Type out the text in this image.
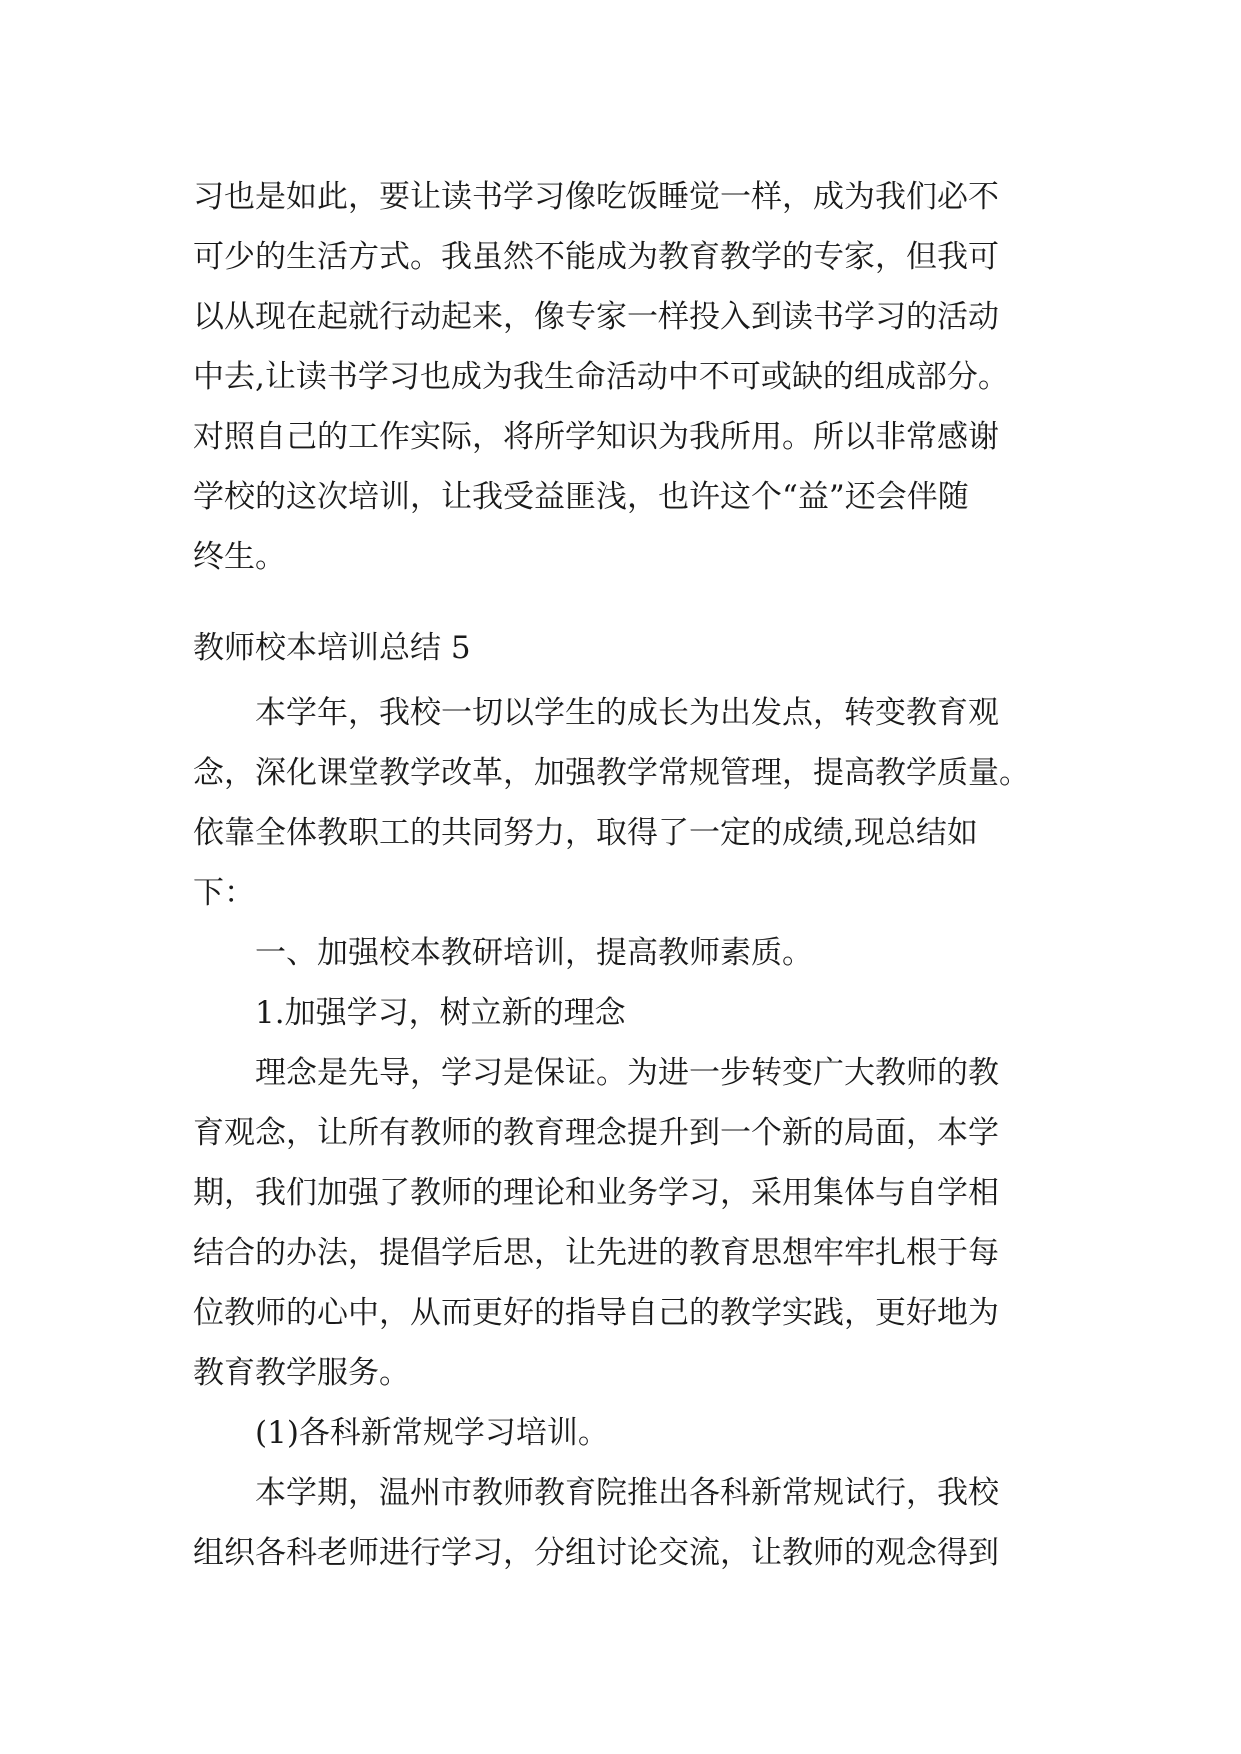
习也是如此，要让读书学习像吃饭睡觉一样，成为我们必不
可少的生活方式。我虽然不能成为教育教学的专家，但我可
以从现在起就行动起来，像专家一样投入到读书学习的活动
中去,让读书学习也成为我生命活动中不可或缺的组成部分。
对照自己的工作实际，将所学知识为我所用。所以非常感谢
学校的这次培训，让我受益匪浅，也许这个“益”还会伴随
终生。
教师校本培训总结 5
本学年，我校一切以学生的成长为出发点，转变教育观
念，深化课堂教学改革，加强教学常规管理，提高教学质量。
依靠全体教职工的共同努力，取得了一定的成绩,现总结如
下：
一、加强校本教研培训，提高教师素质。
1.加强学习，树立新的理念
理念是先导，学习是保证。为进一步转变广大教师的教
育观念，让所有教师的教育理念提升到一个新的局面，本学
期，我们加强了教师的理论和业务学习，采用集体与自学相
结合的办法，提倡学后思，让先进的教育思想牢牢扎根于每
位教师的心中，从而更好的指导自己的教学实践，更好地为
教育教学服务。
(1)各科新常规学习培训。
本学期，温州市教师教育院推出各科新常规试行，我校
组织各科老师进行学习，分组讨论交流，让教师的观念得到
